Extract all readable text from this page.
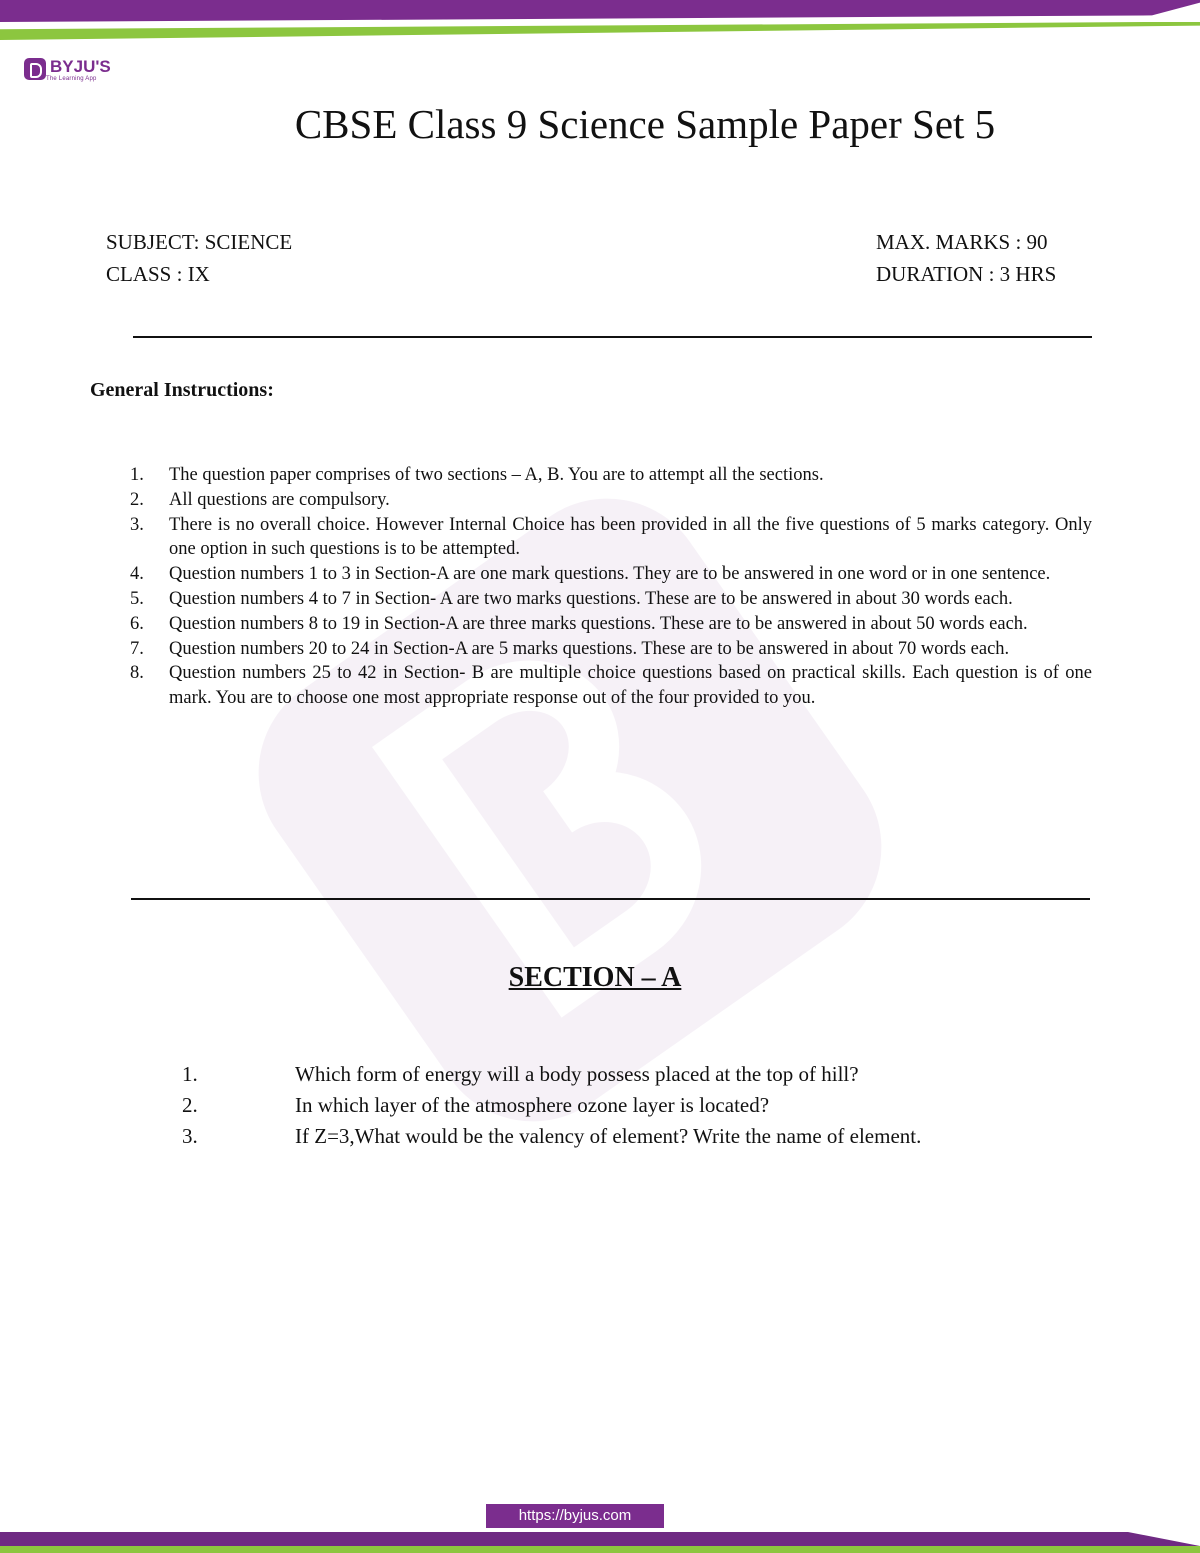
BYJU'S
The Learning App
CBSE Class 9 Science Sample Paper Set 5
SUBJECT: SCIENCE
CLASS : IX
MAX. MARKS : 90
DURATION : 3 HRS
General Instructions:
1.	The question paper comprises of two sections – A, B. You are to attempt all the sections.
2.	All questions are compulsory.
3.	There is no overall choice. However Internal Choice has been provided in all the five questions of 5 marks category. Only one option in such questions is to be attempted.
4.	Question numbers 1 to 3 in Section-A are one mark questions. They are to be answered in one word or in one sentence.
5.	Question numbers 4 to 7 in Section- A are two marks questions. These are to be answered in about 30 words each.
6.	Question numbers 8 to 19 in Section-A are three marks questions. These are to be answered in about 50 words each.
7.	Question numbers 20 to 24 in Section-A are 5 marks questions. These are to be answered in about 70 words each.
8.	Question numbers 25 to 42 in Section- B are multiple choice questions based on practical skills. Each question is of one mark. You are to choose one most appropriate response out of the four provided to you.
SECTION – A
1.	Which form of energy will a body possess placed at the top of hill?
2.	In which layer of the atmosphere ozone layer is located?
3.	If Z=3,What would be the valency of element? Write the name of element.
https://byjus.com
